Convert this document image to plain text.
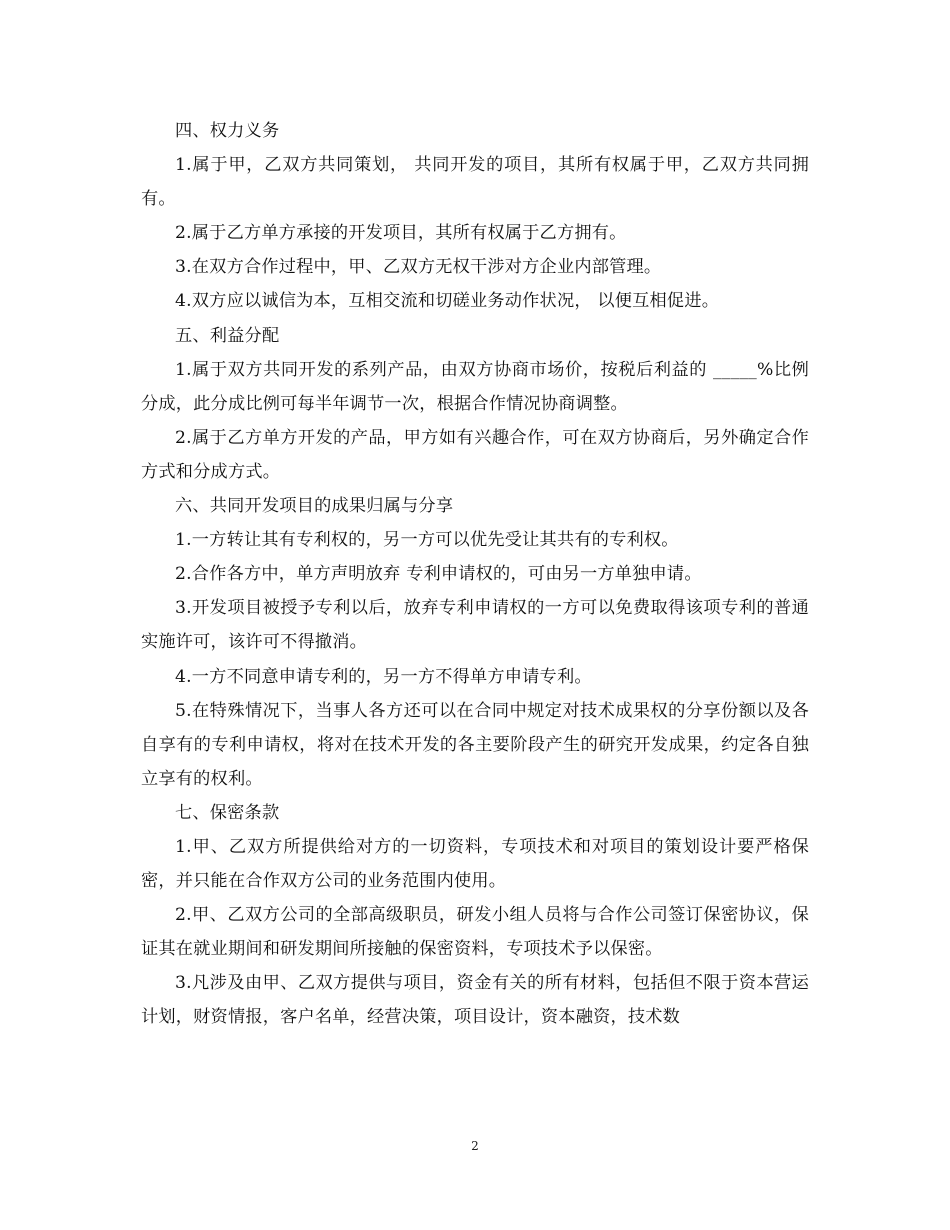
四、权力义务

1.属于甲，乙双方共同策划， 共同开发的项目，其所有权属于甲，乙双方共同拥有。

2.属于乙方单方承接的开发项目，其所有权属于乙方拥有。

3.在双方合作过程中，甲、乙双方无权干涉对方企业内部管理。

4.双方应以诚信为本，互相交流和切磋业务动作状况， 以便互相促进。

五、利益分配

1.属于双方共同开发的系列产品，由双方协商市场价，按税后利益的 _____%比例分成，此分成比例可每半年调节一次，根据合作情况协商调整。

2.属于乙方单方开发的产品，甲方如有兴趣合作，可在双方协商后，另外确定合作方式和分成方式。

六、共同开发项目的成果归属与分享

1.一方转让其有专利权的，另一方可以优先受让其共有的专利权。

2.合作各方中，单方声明放弃 专利申请权的，可由另一方单独申请。

3.开发项目被授予专利以后，放弃专利申请权的一方可以免费取得该项专利的普通实施许可，该许可不得撤消。

4.一方不同意申请专利的，另一方不得单方申请专利。

5.在特殊情况下，当事人各方还可以在合同中规定对技术成果权的分享份额以及各自享有的专利申请权，将对在技术开发的各主要阶段产生的研究开发成果，约定各自独立享有的权利。

七、保密条款

1.甲、乙双方所提供给对方的一切资料，专项技术和对项目的策划设计要严格保密，并只能在合作双方公司的业务范围内使用。

2.甲、乙双方公司的全部高级职员，研发小组人员将与合作公司签订保密协议，保证其在就业期间和研发期间所接触的保密资料，专项技术予以保密。

3.凡涉及由甲、乙双方提供与项目，资金有关的所有材料，包括但不限于资本营运计划，财资情报，客户名单，经营决策，项目设计，资本融资，技术数

2
